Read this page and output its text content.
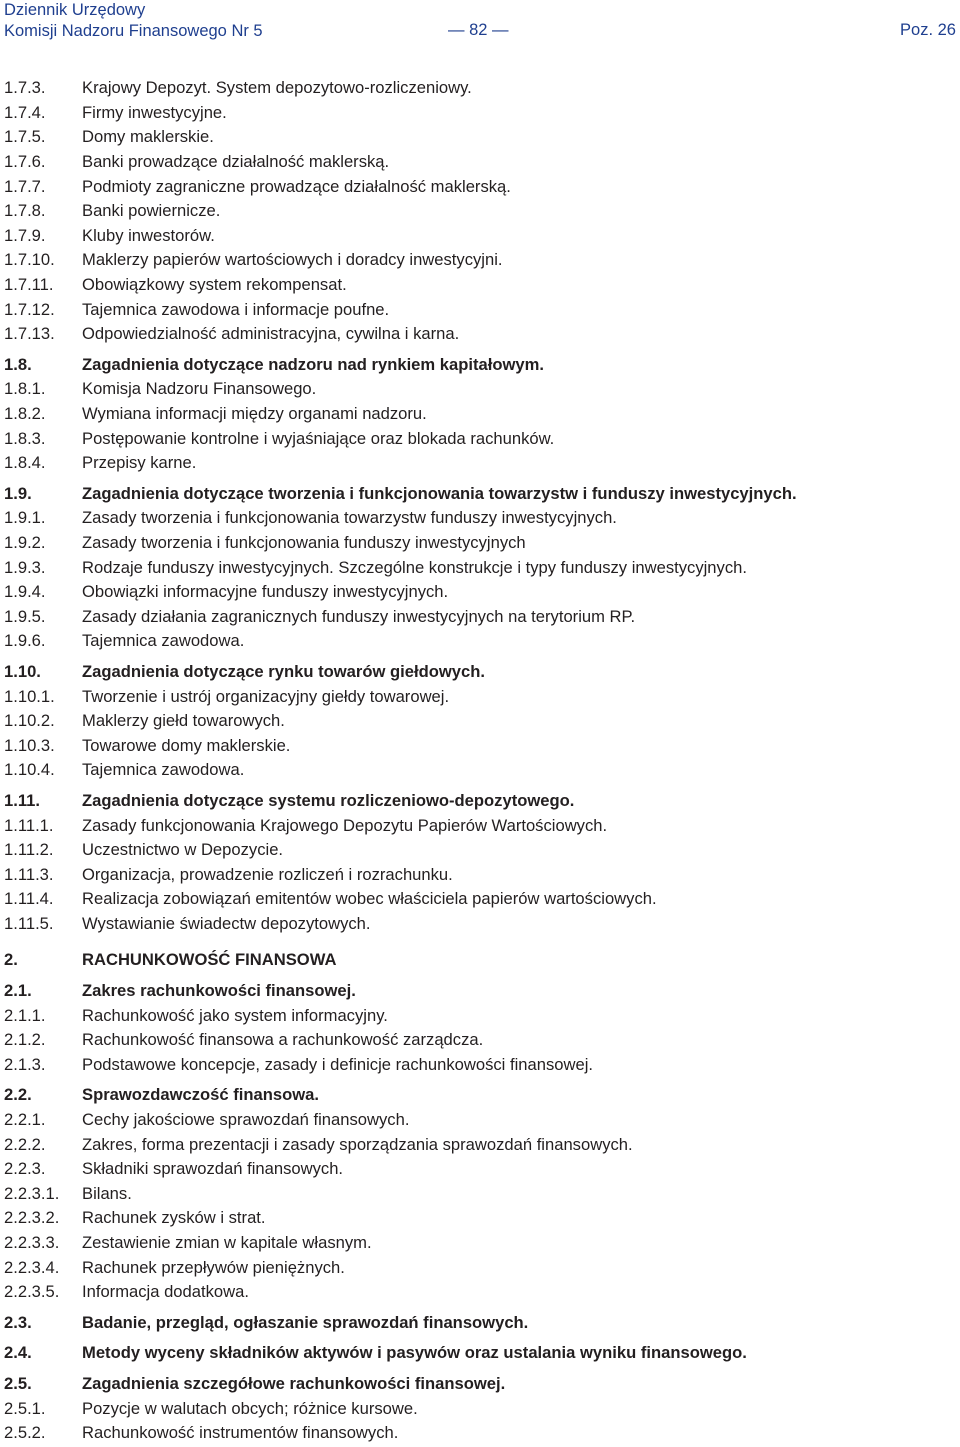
Dziennik Urzędowy
Komisji Nadzoru Finansowego Nr 5	— 82 —	Poz. 26
1.7.3.	Krajowy Depozyt. System depozytowo-rozliczeniowy.
1.7.4.	Firmy inwestycyjne.
1.7.5.	Domy maklerskie.
1.7.6.	Banki prowadzące działalność maklerską.
1.7.7.	Podmioty zagraniczne prowadzące działalność maklerską.
1.7.8.	Banki powiernicze.
1.7.9.	Kluby inwestorów.
1.7.10.	Maklerzy papierów wartościowych i doradcy inwestycyjni.
1.7.11.	Obowiązkowy system rekompensat.
1.7.12.	Tajemnica zawodowa i informacje poufne.
1.7.13.	Odpowiedzialność administracyjna, cywilna i karna.
1.8.	Zagadnienia dotyczące nadzoru nad rynkiem kapitałowym.
1.8.1.	Komisja Nadzoru Finansowego.
1.8.2.	Wymiana informacji między organami nadzoru.
1.8.3.	Postępowanie kontrolne i wyjaśniające oraz blokada rachunków.
1.8.4.	Przepisy karne.
1.9.	Zagadnienia dotyczące tworzenia i funkcjonowania towarzystw i funduszy inwestycyjnych.
1.9.1.	Zasady tworzenia i funkcjonowania towarzystw funduszy inwestycyjnych.
1.9.2.	Zasady tworzenia i funkcjonowania funduszy inwestycyjnych
1.9.3.	Rodzaje funduszy inwestycyjnych. Szczególne konstrukcje i typy funduszy inwestycyjnych.
1.9.4.	Obowiązki informacyjne funduszy inwestycyjnych.
1.9.5.	Zasady działania zagranicznych funduszy inwestycyjnych na terytorium RP.
1.9.6.	Tajemnica zawodowa.
1.10.	Zagadnienia dotyczące rynku towarów giełdowych.
1.10.1.	Tworzenie i ustrój organizacyjny giełdy towarowej.
1.10.2.	Maklerzy giełd towarowych.
1.10.3.	Towarowe domy maklerskie.
1.10.4.	Tajemnica zawodowa.
1.11.	Zagadnienia dotyczące systemu rozliczeniowo-depozytowego.
1.11.1.	Zasady funkcjonowania Krajowego Depozytu Papierów Wartościowych.
1.11.2.	Uczestnictwo w Depozycie.
1.11.3.	Organizacja, prowadzenie rozliczeń i rozrachunku.
1.11.4.	Realizacja zobowiązań emitentów wobec właściciela papierów wartościowych.
1.11.5.	Wystawianie świadectw depozytowych.
2.	RACHUNKOWOŚĆ FINANSOWA
2.1.	Zakres rachunkowości finansowej.
2.1.1.	Rachunkowość jako system informacyjny.
2.1.2.	Rachunkowość finansowa a rachunkowość zarządcza.
2.1.3.	Podstawowe koncepcje, zasady i definicje rachunkowości finansowej.
2.2.	Sprawozdawczość finansowa.
2.2.1.	Cechy jakościowe sprawozdań finansowych.
2.2.2.	Zakres, forma prezentacji i zasady sporządzania sprawozdań finansowych.
2.2.3.	Składniki sprawozdań finansowych.
2.2.3.1.	Bilans.
2.2.3.2.	Rachunek zysków i strat.
2.2.3.3.	Zestawienie zmian w kapitale własnym.
2.2.3.4.	Rachunek przepływów pieniężnych.
2.2.3.5.	Informacja dodatkowa.
2.3.	Badanie, przegląd, ogłaszanie sprawozdań finansowych.
2.4.	Metody wyceny składników aktywów i pasywów oraz ustalania wyniku finansowego.
2.5.	Zagadnienia szczegółowe rachunkowości finansowej.
2.5.1.	Pozycje w walutach obcych; różnice kursowe.
2.5.2.	Rachunkowość instrumentów finansowych.
